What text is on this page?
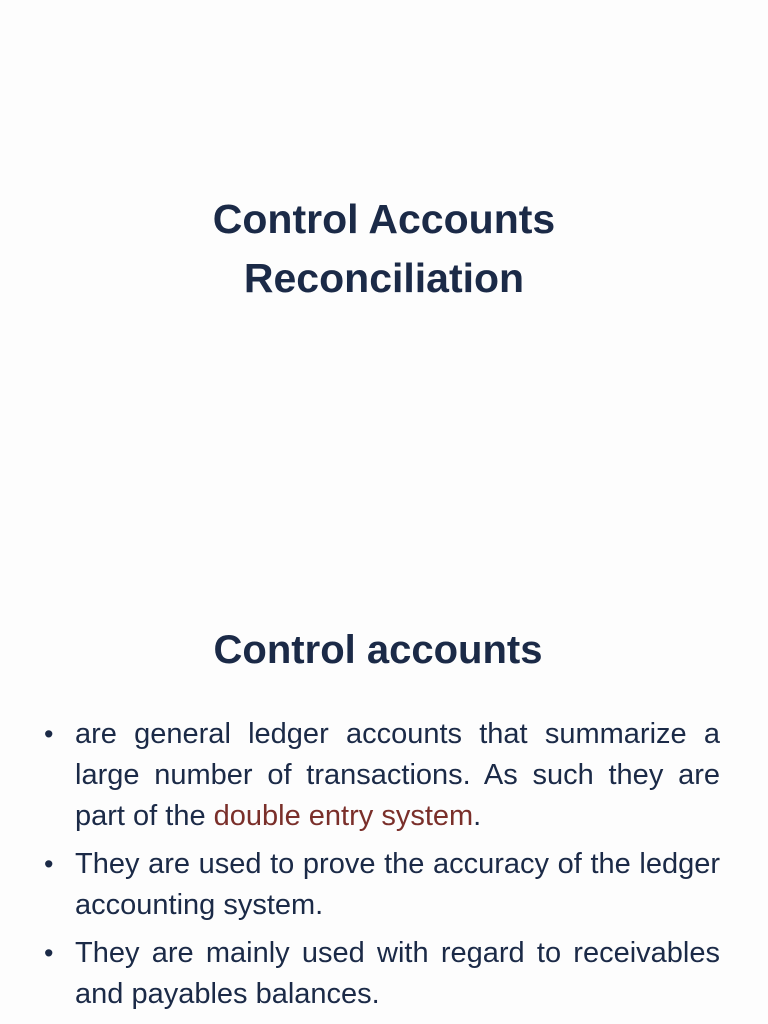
Control Accounts
Reconciliation
Control accounts
• are general ledger accounts that summarize a large number of transactions. As such they are part of the double entry system.
• They are used to prove the accuracy of the ledger accounting system.
• They are mainly used with regard to receivables and payables balances.
